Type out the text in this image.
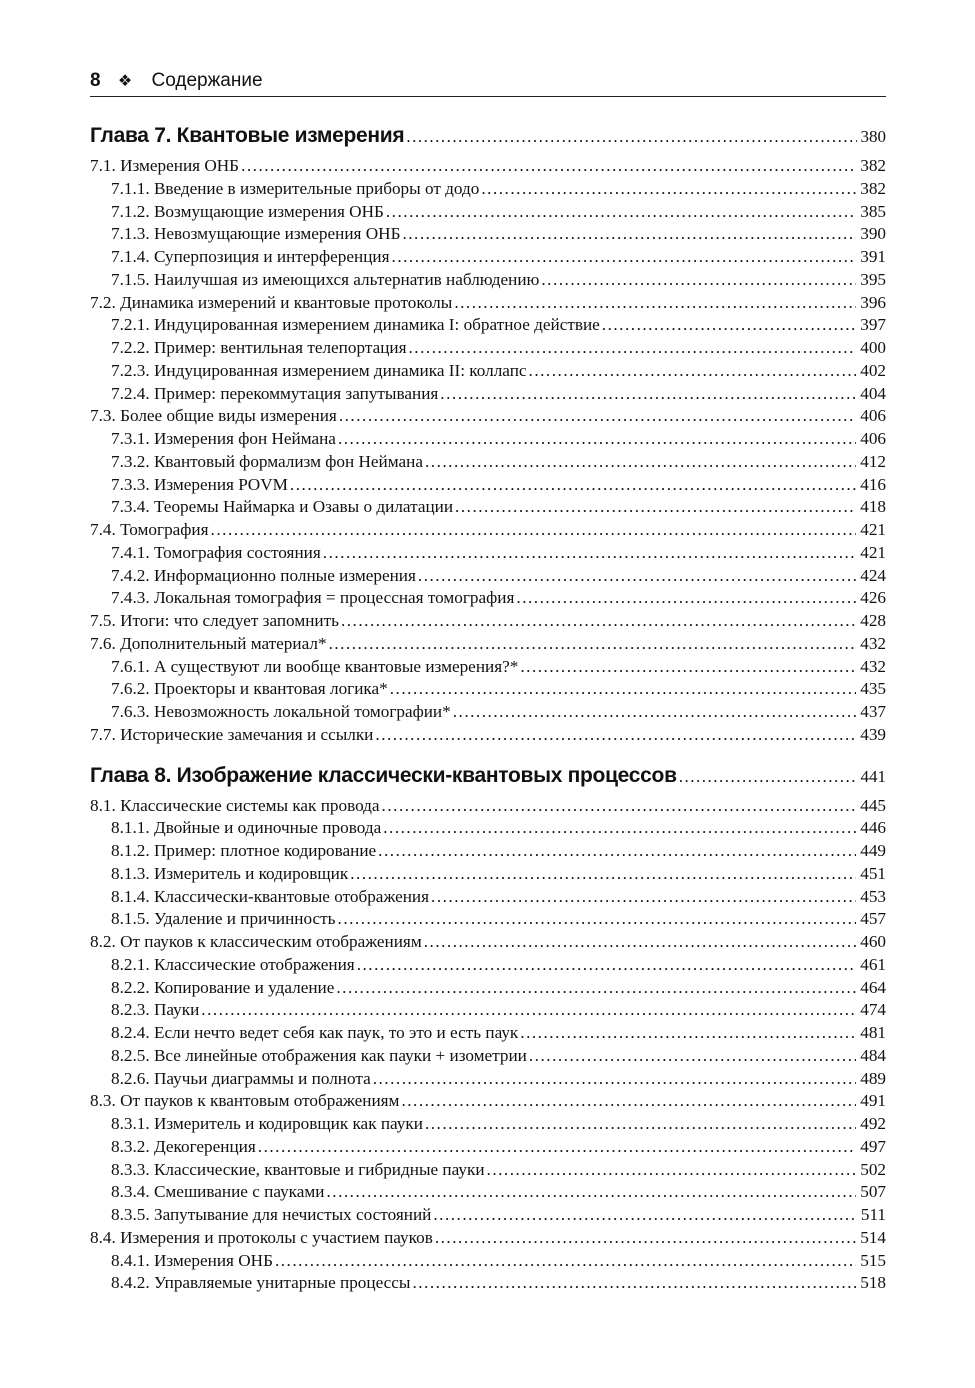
8 ❖ Содержание
Глава 7. Квантовые измерения .....	380
7.1. Измерения ОНБ .....	382
7.1.1. Введение в измерительные приборы от додо .....	382
7.1.2. Возмущающие измерения ОНБ .....	385
7.1.3. Невозмущающие измерения ОНБ .....	390
7.1.4. Суперпозиция и интерференция .....	391
7.1.5. Наилучшая из имеющихся альтернатив наблюдению .....	395
7.2. Динамика измерений и квантовые протоколы .....	396
7.2.1. Индуцированная измерением динамика I: обратное действие .....	397
7.2.2. Пример: вентильная телепортация .....	400
7.2.3. Индуцированная измерением динамика II: коллапс .....	402
7.2.4. Пример: перекоммутация запутывания .....	404
7.3. Более общие виды измерения .....	406
7.3.1. Измерения фон Неймана .....	406
7.3.2. Квантовый формализм фон Неймана .....	412
7.3.3. Измерения POVM .....	416
7.3.4. Теоремы Наймарка и Озавы о дилатации .....	418
7.4. Томография .....	421
7.4.1. Томография состояния .....	421
7.4.2. Информационно полные измерения .....	424
7.4.3. Локальная томография = процессная томография .....	426
7.5. Итоги: что следует запомнить .....	428
7.6. Дополнительный материал* .....	432
7.6.1. А существуют ли вообще квантовые измерения?* .....	432
7.6.2. Проекторы и квантовая логика* .....	435
7.6.3. Невозможность локальной томографии* .....	437
7.7. Исторические замечания и ссылки .....	439
Глава 8. Изображение классически-квантовых процессов .....	441
8.1. Классические системы как провода .....	445
8.1.1. Двойные и одиночные провода .....	446
8.1.2. Пример: плотное кодирование .....	449
8.1.3. Измеритель и кодировщик .....	451
8.1.4. Классически-квантовые отображения .....	453
8.1.5. Удаление и причинность .....	457
8.2. От пауков к классическим отображениям .....	460
8.2.1. Классические отображения .....	461
8.2.2. Копирование и удаление .....	464
8.2.3. Пауки .....	474
8.2.4. Если нечто ведет себя как паук, то это и есть паук .....	481
8.2.5. Все линейные отображения как пауки + изометрии .....	484
8.2.6. Паучьи диаграммы и полнота .....	489
8.3. От пауков к квантовым отображениям .....	491
8.3.1. Измеритель и кодировщик как пауки .....	492
8.3.2. Декогеренция .....	497
8.3.3. Классические, квантовые и гибридные пауки .....	502
8.3.4. Смешивание с пауками .....	507
8.3.5. Запутывание для нечистых состояний .....	511
8.4. Измерения и протоколы с участием пауков .....	514
8.4.1. Измерения ОНБ .....	515
8.4.2. Управляемые унитарные процессы .....	518
